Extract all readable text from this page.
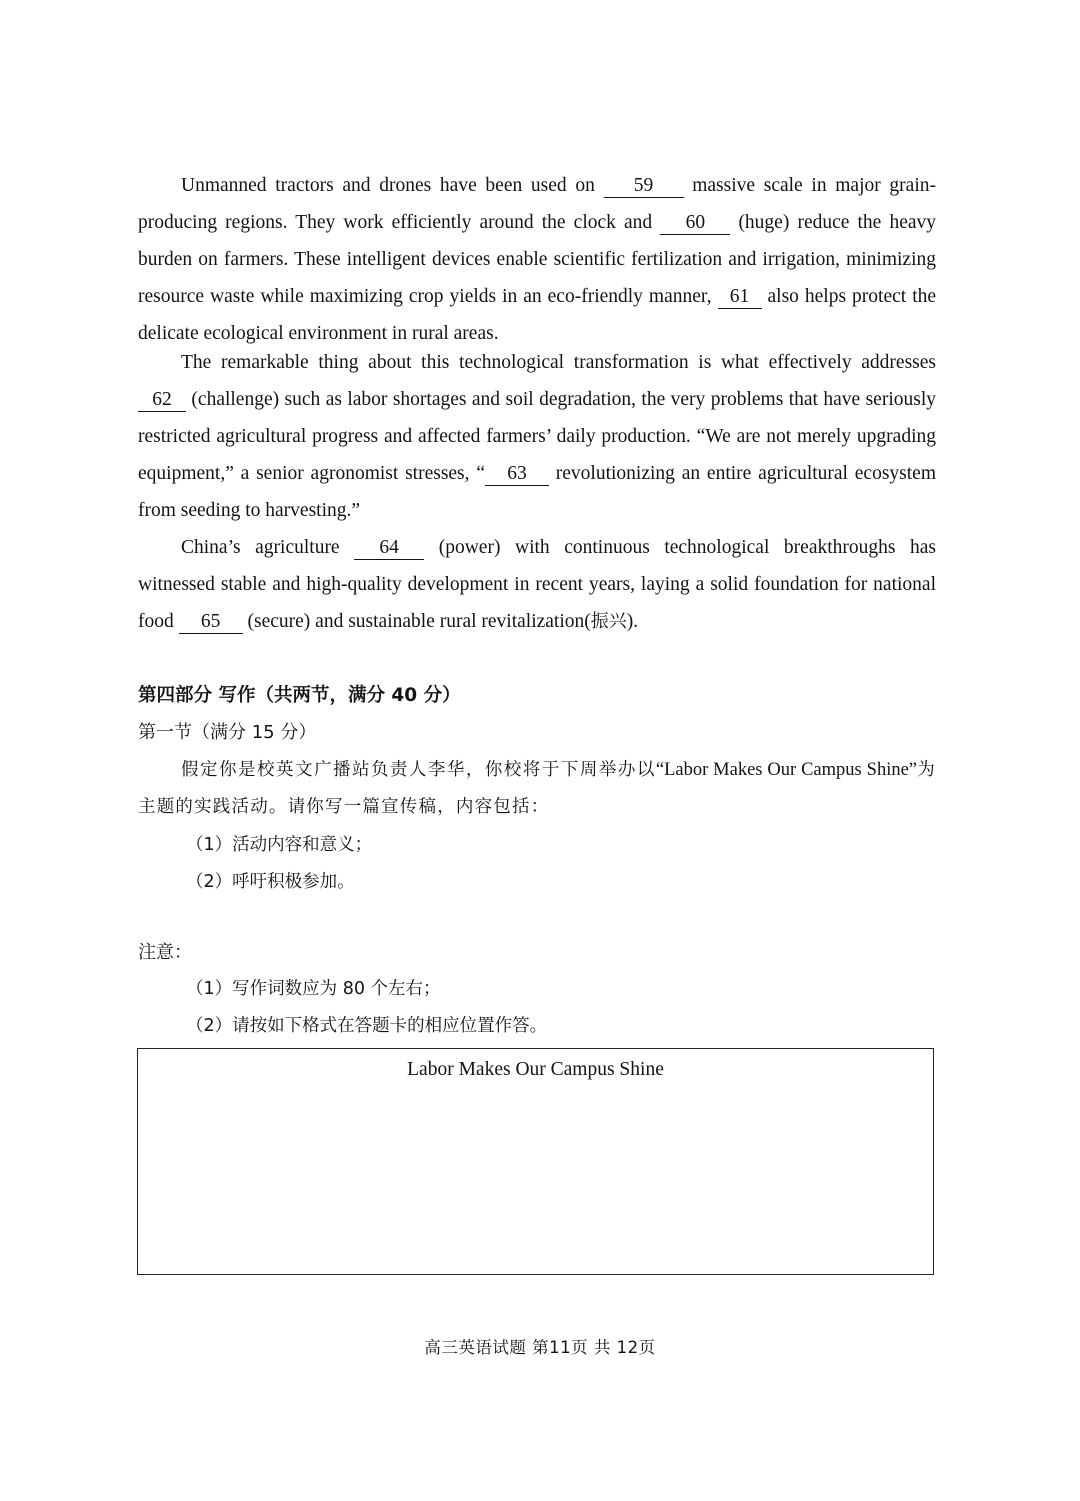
Unmanned tractors and drones have been used on 59 massive scale in major grain-producing regions. They work efficiently around the clock and 60 (huge) reduce the heavy burden on farmers. These intelligent devices enable scientific fertilization and irrigation, minimizing resource waste while maximizing crop yields in an eco-friendly manner, 61 also helps protect the delicate ecological environment in rural areas.
The remarkable thing about this technological transformation is what effectively addresses 62 (challenge) such as labor shortages and soil degradation, the very problems that have seriously restricted agricultural progress and affected farmers’ daily production. “We are not merely upgrading equipment,” a senior agronomist stresses, “ 63 revolutionizing an entire agricultural ecosystem from seeding to harvesting.”
China’s agriculture 64 (power) with continuous technological breakthroughs has witnessed stable and high-quality development in recent years, laying a solid foundation for national food 65 (secure) and sustainable rural revitalization(振兴).
第四部分 写作（共两节，满分 40 分）
第一节（满分 15 分）
假定你是校英文广播站负责人李华，你校将于下周举办以“Labor Makes Our Campus Shine”为主题的实践活动。请你写一篇宣传稿，内容包括：
（1）活动内容和意义；
（2）呼吁积极参加。
注意：
（1）写作词数应为 80 个左右；
（2）请按如下格式在答题卡的相应位置作答。
Labor Makes Our Campus Shine
高三英语试题 第11页 共 12页
